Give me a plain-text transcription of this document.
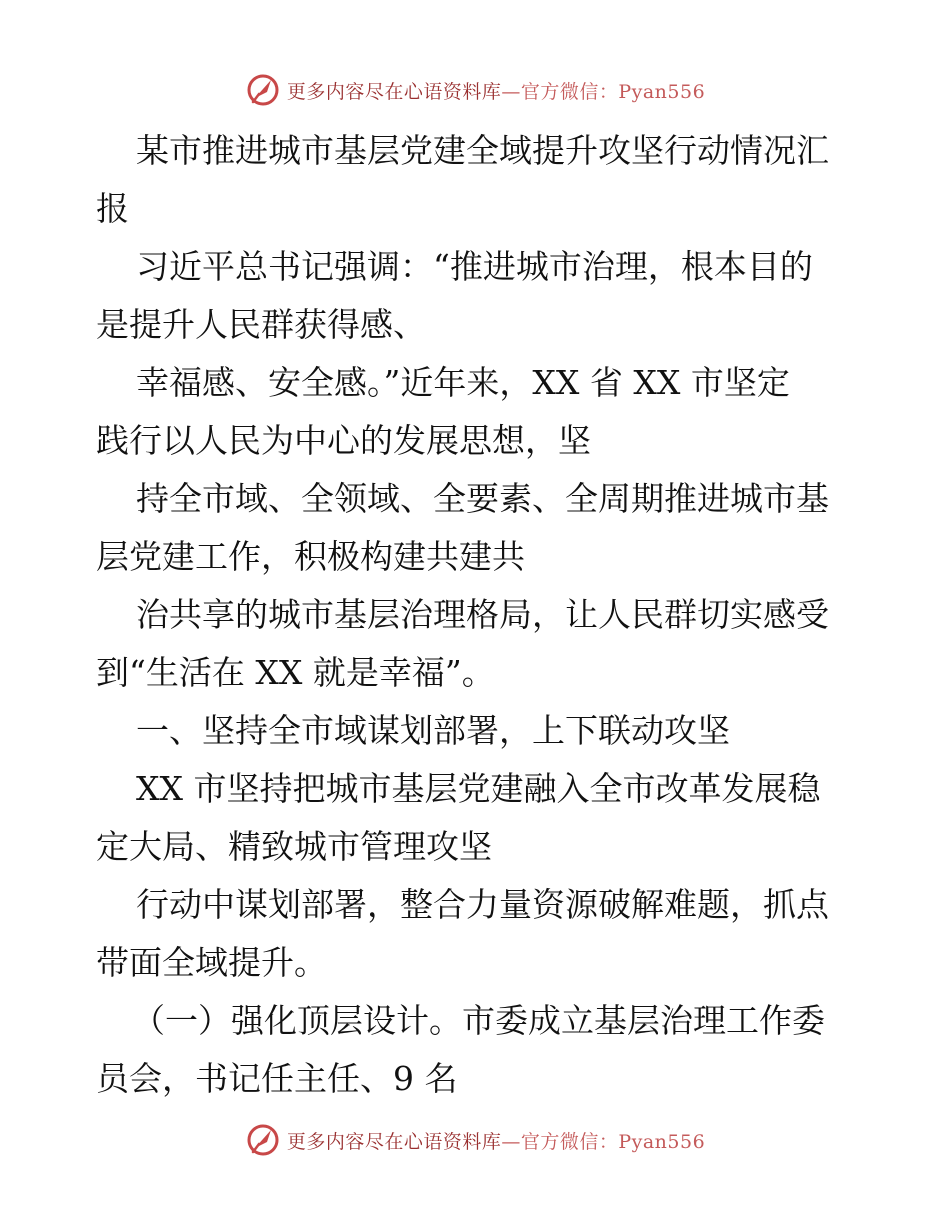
更多内容尽在心语资料库—官方微信：Pyan556
某市推进城市基层党建全域提升攻坚行动情况汇
报
习近平总书记强调：“推进城市治理，根本目的
是提升人民群获得感、
幸福感、安全感。”近年来，XX 省 XX 市坚定
践行以人民为中心的发展思想，坚
持全市域、全领域、全要素、全周期推进城市基
层党建工作，积极构建共建共
治共享的城市基层治理格局，让人民群切实感受
到“生活在 XX 就是幸福”。
一、坚持全市域谋划部署，上下联动攻坚
XX 市坚持把城市基层党建融入全市改革发展稳
定大局、精致城市管理攻坚
行动中谋划部署，整合力量资源破解难题，抓点
带面全域提升。
（一）强化顶层设计。市委成立基层治理工作委
员会，书记任主任、9 名
更多内容尽在心语资料库—官方微信：Pyan556
